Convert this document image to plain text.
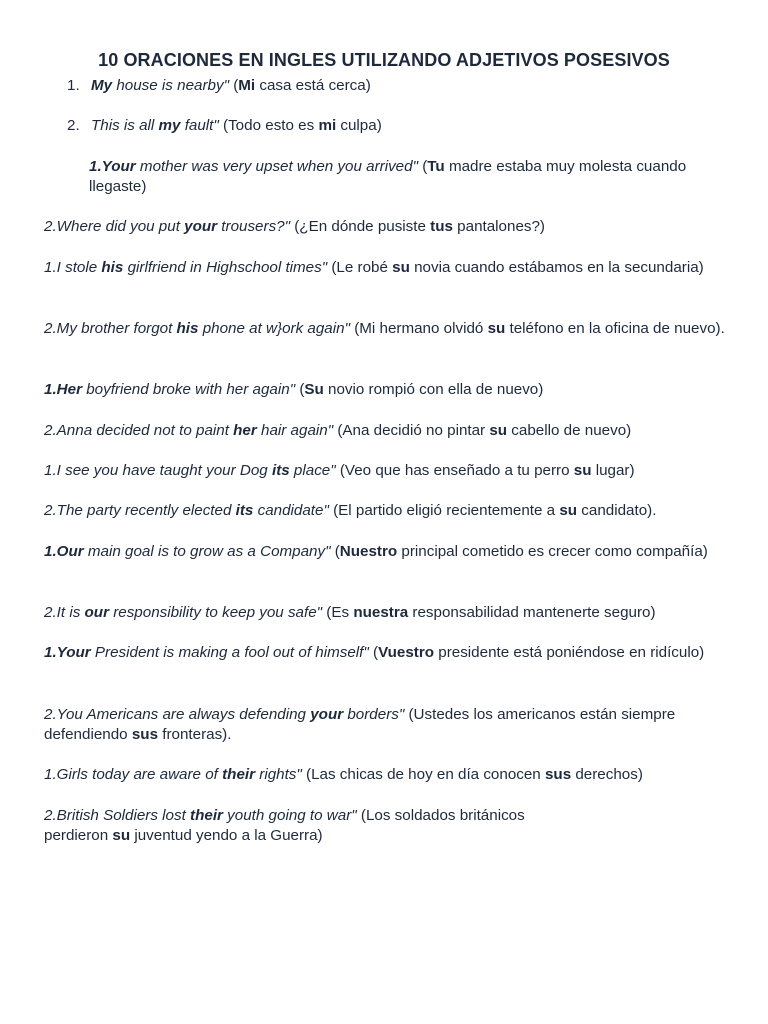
10 ORACIONES EN INGLES UTILIZANDO ADJETIVOS POSESIVOS
1. My house is nearby" (Mi casa está cerca)
2. This is all my fault" (Todo esto es mi culpa)
1.Your mother was very upset when you arrived" (Tu madre estaba muy molesta cuando llegaste)
2.Where did you put your trousers?" (¿En dónde pusiste tus pantalones?)
1.I stole his girlfriend in Highschool times" (Le robé su novia cuando estábamos en la secundaria)
2.My brother forgot his phone at w}ork again" (Mi hermano olvidó su teléfono en la oficina de nuevo).
1.Her boyfriend broke with her again" (Su novio rompió con ella de nuevo)
2.Anna decided not to paint her hair again" (Ana decidió no pintar su cabello de nuevo)
1.I see you have taught your Dog its place" (Veo que has enseñado a tu perro su lugar)
2.The party recently elected its candidate" (El partido eligió recientemente a su candidato).
1.Our main goal is to grow as a Company" (Nuestro principal cometido es crecer como compañía)
2.It is our responsibility to keep you safe" (Es nuestra responsabilidad mantenerte seguro)
1.Your President is making a fool out of himself" (Vuestro presidente está poniéndose en ridículo)
2.You Americans are always defending your borders" (Ustedes los americanos están siempre defendiendo sus fronteras).
1.Girls today are aware of their rights" (Las chicas de hoy en día conocen sus derechos)
2.British Soldiers lost their youth going to war" (Los soldados británicos perdieron su juventud yendo a la Guerra)
